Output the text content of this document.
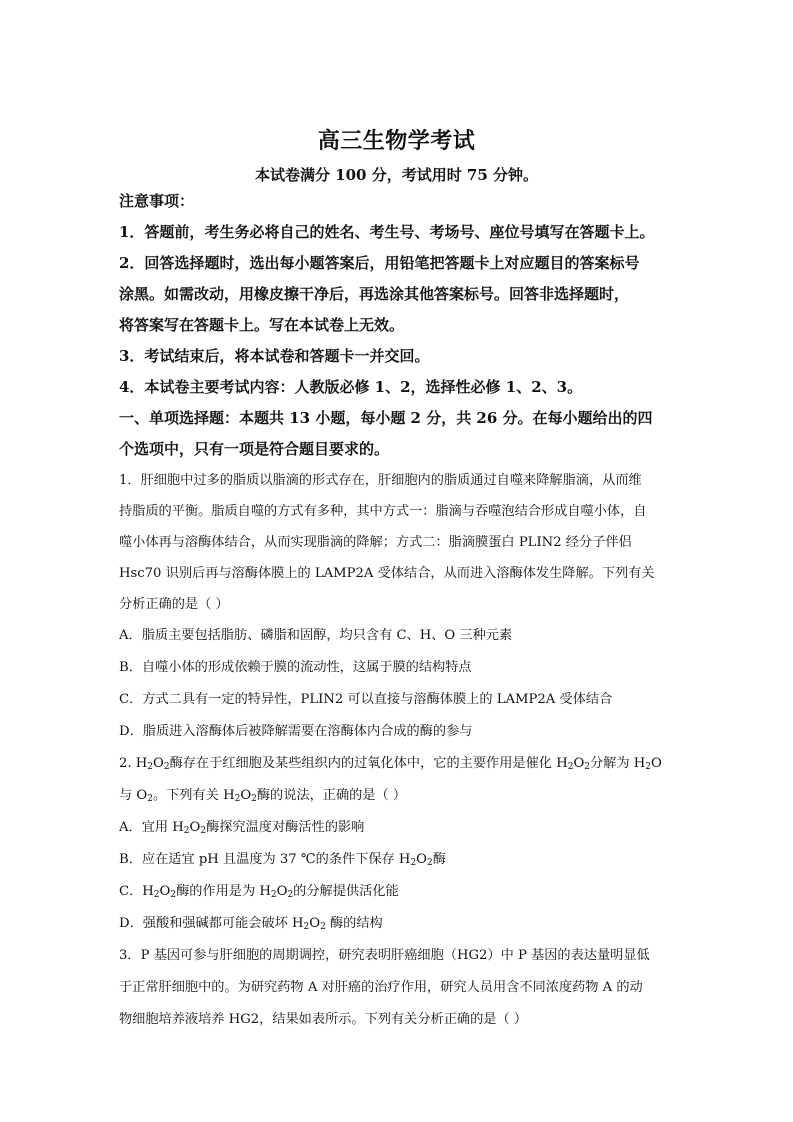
高三生物学考试

本试卷满分 100 分，考试用时 75 分钟。

注意事项：

1．答题前，考生务必将自己的姓名、考生号、考场号、座位号填写在答题卡上。

2．回答选择题时，选出每小题答案后，用铅笔把答题卡上对应题目的答案标号

涂黑。如需改动，用橡皮擦干净后，再选涂其他答案标号。回答非选择题时，

将答案写在答题卡上。写在本试卷上无效。

3．考试结束后，将本试卷和答题卡一并交回。

4．本试卷主要考试内容：人教版必修 1、2，选择性必修 1、2、3。

一、单项选择题：本题共 13 小题，每小题 2 分，共 26 分。在每小题给出的四

个选项中，只有一项是符合题目要求的。

1．肝细胞中过多的脂质以脂滴的形式存在，肝细胞内的脂质通过自噬来降解脂滴，从而维

持脂质的平衡。脂质自噬的方式有多种，其中方式一：脂滴与吞噬泡结合形成自噬小体，自

噬小体再与溶酶体结合，从而实现脂滴的降解；方式二：脂滴膜蛋白 PLIN2 经分子伴侣

Hsc70 识别后再与溶酶体膜上的 LAMP2A 受体结合，从而进入溶酶体发生降解。下列有关

分析正确的是（ ）

A．脂质主要包括脂肪、磷脂和固醇，均只含有 C、H、O 三种元素

B．自噬小体的形成依赖于膜的流动性，这属于膜的结构特点

C．方式二具有一定的特异性，PLIN2 可以直接与溶酶体膜上的 LAMP2A 受体结合

D．脂质进入溶酶体后被降解需要在溶酶体内合成的酶的参与

2. $H_2O_2$酶存在于红细胞及某些组织内的过氧化体中，它的主要作用是催化 $H_2O_2$分解为 $H_2O$

与 $O_2$。下列有关 $H_2O_2$酶的说法，正确的是（ ）

A．宜用 $H_2O_2$酶探究温度对酶活性的影响

B．应在适宜 pH 且温度为 37 ℃的条件下保存 $H_2O_2$酶

C．$H_2O_2$酶的作用是为 $H_2O_2$的分解提供活化能

D．强酸和强碱都可能会破坏 $H_2O_2$ 酶的结构

3．P 基因可参与肝细胞的周期调控，研究表明肝癌细胞（HG2）中 P 基因的表达量明显低

于正常肝细胞中的。为研究药物 A 对肝癌的治疗作用，研究人员用含不同浓度药物 A 的动

物细胞培养液培养 HG2，结果如表所示。下列有关分析正确的是（ ）
